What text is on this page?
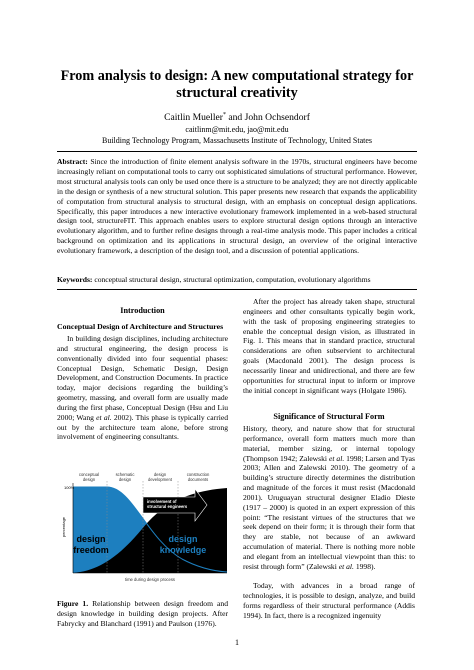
From analysis to design: A new computational strategy for structural creativity
Caitlin Mueller* and John Ochsendorf
caitlinm@mit.edu, jao@mit.edu
Building Technology Program, Massachusetts Institute of Technology, United States
Abstract: Since the introduction of finite element analysis software in the 1970s, structural engineers have become increasingly reliant on computational tools to carry out sophisticated simulations of structural performance. However, most structural analysis tools can only be used once there is a structure to be analyzed; they are not directly applicable in the design or synthesis of a new structural solution. This paper presents new research that expands the applicability of computation from structural analysis to structural design, with an emphasis on conceptual design applications. Specifically, this paper introduces a new interactive evolutionary framework implemented in a web-based structural design tool, structureFIT. This approach enables users to explore structural design options through an interactive evolutionary algorithm, and to further refine designs through a real-time analysis mode. This paper includes a critical background on optimization and its applications in structural design, an overview of the original interactive evolutionary framework, a description of the design tool, and a discussion of potential applications.
Keywords: conceptual structural design, structural optimization, computation, evolutionary algorithms
Introduction
Conceptual Design of Architecture and Structures
In building design disciplines, including architecture and structural engineering, the design process is conventionally divided into four sequential phases: Conceptual Design, Schematic Design, Design Development, and Construction Documents. In practice today, major decisions regarding the building’s geometry, massing, and overall form are usually made during the first phase, Conceptual Design (Hsu and Liu 2000; Wang et al. 2002). This phase is typically carried out by the architecture team alone, before strong involvement of engineering consultants.
conceptual design
schematic design
design development
construction documents
100%
percentage
involvement of structural engineers
design freedom
design knowledge
time during design process
Figure 1. Relationship between design freedom and design knowledge in building design projects. After Fabrycky and Blanchard (1991) and Paulson (1976).
After the project has already taken shape, structural engineers and other consultants typically begin work, with the task of proposing engineering strategies to enable the conceptual design vision, as illustrated in Fig. 1. This means that in standard practice, structural considerations are often subservient to architectural goals (Macdonald 2001). The design process is necessarily linear and unidirectional, and there are few opportunities for structural input to inform or improve the initial concept in significant ways (Holgate 1986).
Significance of Structural Form
History, theory, and nature show that for structural performance, overall form matters much more than material, member sizing, or internal topology (Thompson 1942; Zalewski et al. 1998; Larsen and Tyas 2003; Allen and Zalewski 2010). The geometry of a building’s structure directly determines the distribution and magnitude of the forces it must resist (Macdonald 2001). Uruguayan structural designer Eladio Dieste (1917 – 2000) is quoted in an expert expression of this point: “The resistant virtues of the structures that we seek depend on their form; it is through their form that they are stable, not because of an awkward accumulation of material. There is nothing more noble and elegant from an intellectual viewpoint than this: to resist through form” (Zalewski et al. 1998).
Today, with advances in a broad range of technologies, it is possible to design, analyze, and build forms regardless of their structural performance (Addis 1994). In fact, there is a recognized ingenuity
1
